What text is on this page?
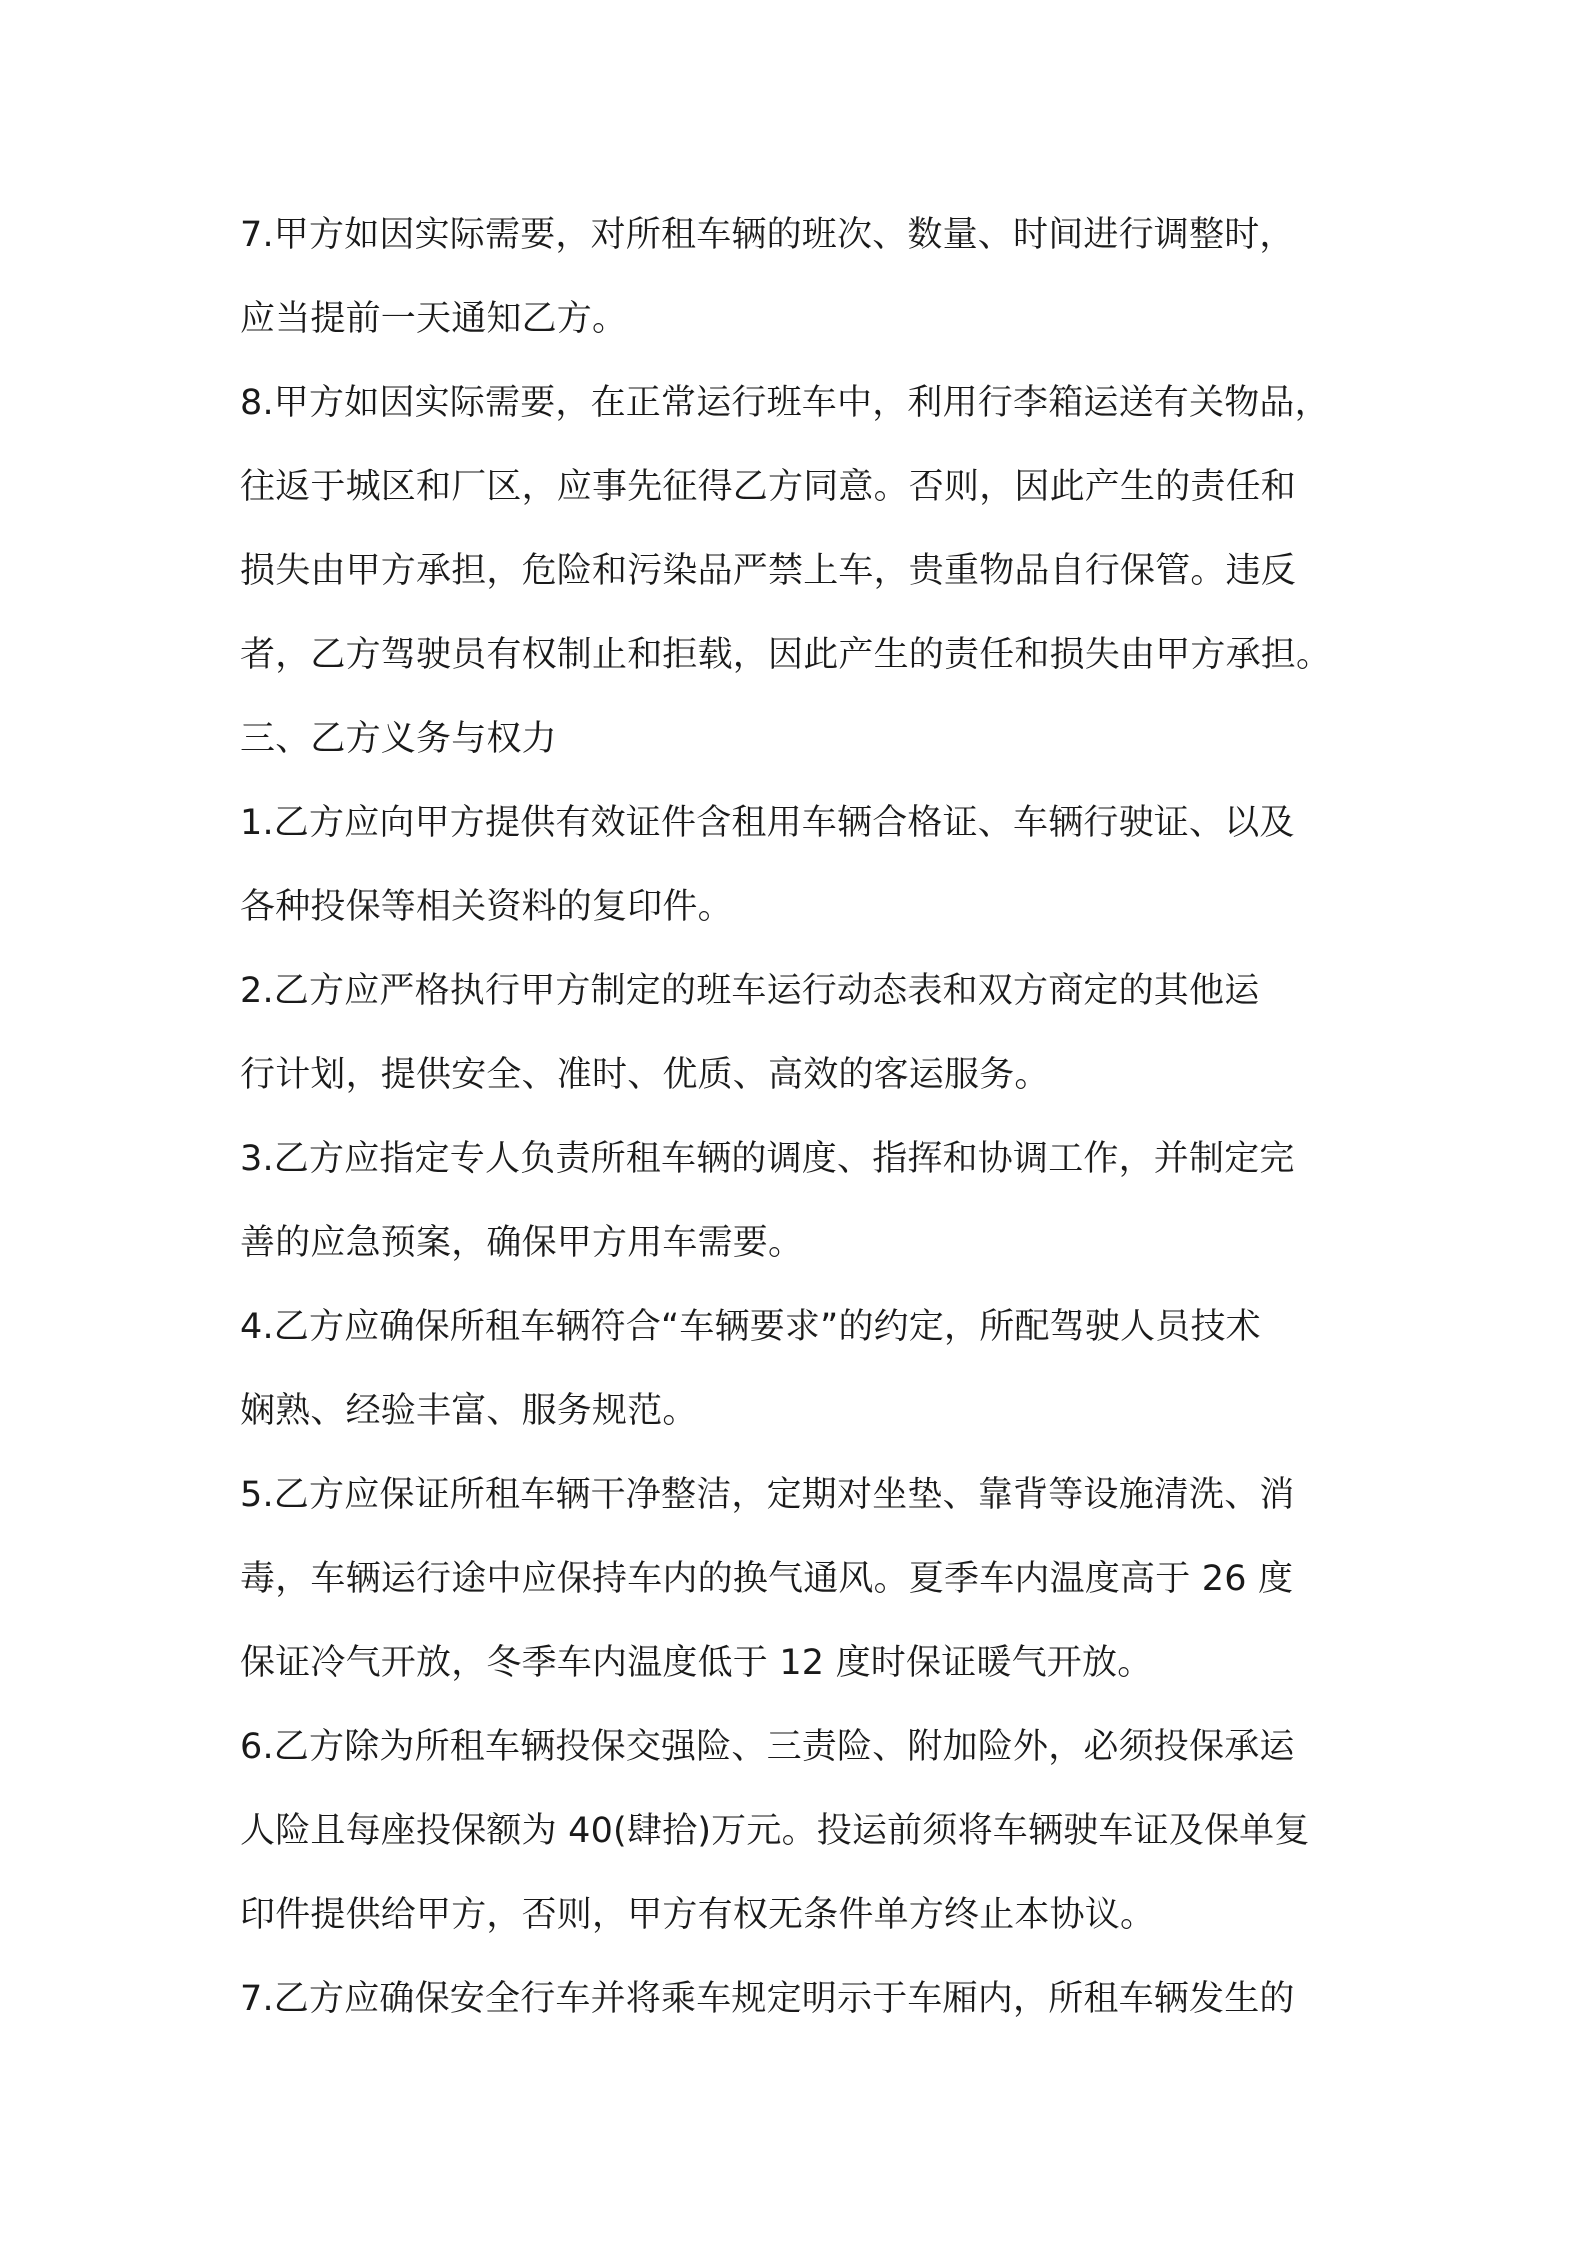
7.甲方如因实际需要，对所租车辆的班次、数量、时间进行调整时，
应当提前一天通知乙方。
8.甲方如因实际需要，在正常运行班车中，利用行李箱运送有关物品，
往返于城区和厂区，应事先征得乙方同意。否则，因此产生的责任和
损失由甲方承担，危险和污染品严禁上车，贵重物品自行保管。违反
者，乙方驾驶员有权制止和拒载，因此产生的责任和损失由甲方承担。
三、乙方义务与权力
1.乙方应向甲方提供有效证件含租用车辆合格证、车辆行驶证、以及
各种投保等相关资料的复印件。
2.乙方应严格执行甲方制定的班车运行动态表和双方商定的其他运
行计划，提供安全、准时、优质、高效的客运服务。
3.乙方应指定专人负责所租车辆的调度、指挥和协调工作，并制定完
善的应急预案，确保甲方用车需要。
4.乙方应确保所租车辆符合“车辆要求”的约定，所配驾驶人员技术
娴熟、经验丰富、服务规范。
5.乙方应保证所租车辆干净整洁，定期对坐垫、靠背等设施清洗、消
毒，车辆运行途中应保持车内的换气通风。夏季车内温度高于 26 度
保证冷气开放，冬季车内温度低于 12 度时保证暖气开放。
6.乙方除为所租车辆投保交强险、三责险、附加险外，必须投保承运
人险且每座投保额为 40(肆拾)万元。投运前须将车辆驶车证及保单复
印件提供给甲方，否则，甲方有权无条件单方终止本协议。
7.乙方应确保安全行车并将乘车规定明示于车厢内，所租车辆发生的
